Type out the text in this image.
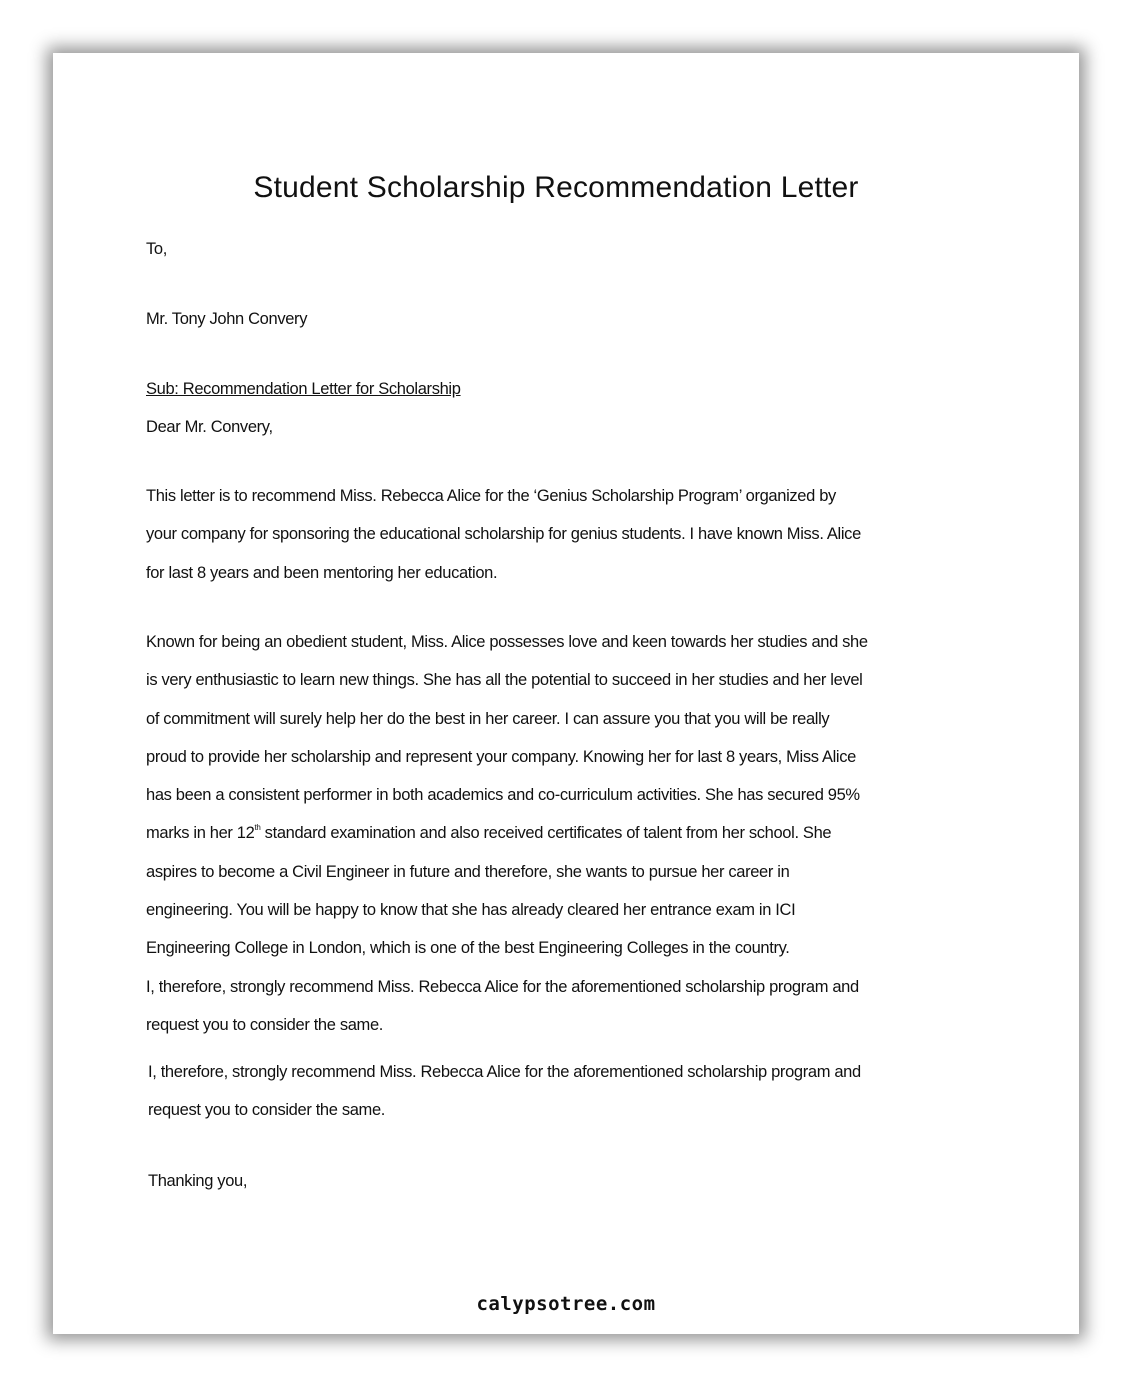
Student Scholarship Recommendation Letter
To,
Mr. Tony John Convery
Sub: Recommendation Letter for Scholarship
Dear Mr. Convery,
This letter is to recommend Miss. Rebecca Alice for the ‘Genius Scholarship Program’ organized by
your company for sponsoring the educational scholarship for genius students. I have known Miss. Alice
for last 8 years and been mentoring her education.
Known for being an obedient student, Miss. Alice possesses love and keen towards her studies and she
is very enthusiastic to learn new things. She has all the potential to succeed in her studies and her level
of commitment will surely help her do the best in her career. I can assure you that you will be really
proud to provide her scholarship and represent your company. Knowing her for last 8 years, Miss Alice
has been a consistent performer in both academics and co-curriculum activities. She has secured 95%
marks in her 12th standard examination and also received certificates of talent from her school. She
aspires to become a Civil Engineer in future and therefore, she wants to pursue her career in
engineering. You will be happy to know that she has already cleared her entrance exam in ICI
Engineering College in London, which is one of the best Engineering Colleges in the country.
I, therefore, strongly recommend Miss. Rebecca Alice for the aforementioned scholarship program and
request you to consider the same.
I, therefore, strongly recommend Miss. Rebecca Alice for the aforementioned scholarship program and
request you to consider the same.
Thanking you,
calypsotree.com
